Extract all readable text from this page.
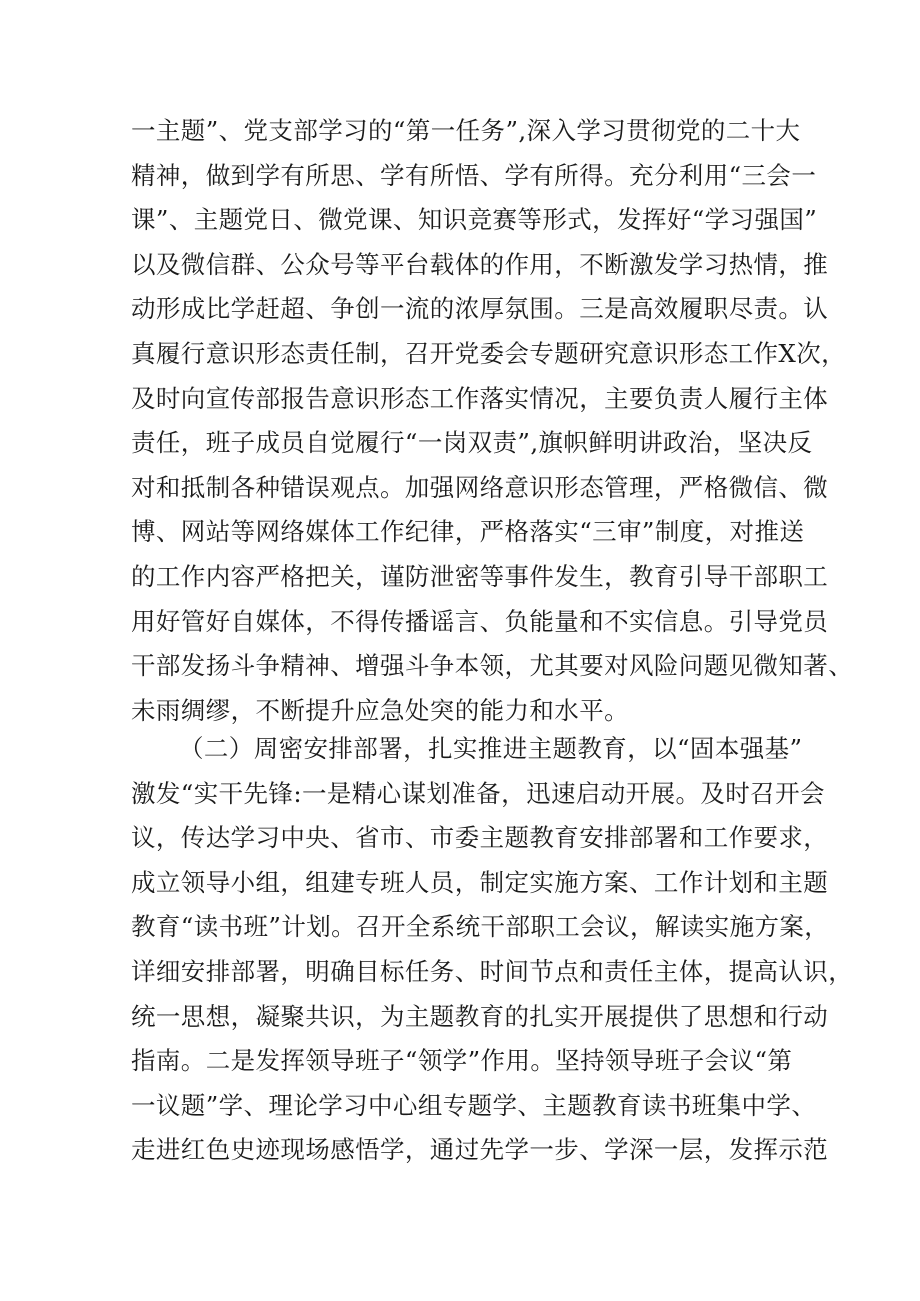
一主题”、党支部学习的“第一任务”,深入学习贯彻党的二十大
精神，做到学有所思、学有所悟、学有所得。充分利用“三会一
课”、主题党日、微党课、知识竞赛等形式，发挥好“学习强国”
以及微信群、公众号等平台载体的作用，不断激发学习热情，推
动形成比学赶超、争创一流的浓厚氛围。三是高效履职尽责。认
真履行意识形态责任制，召开党委会专题研究意识形态工作X次，
及时向宣传部报告意识形态工作落实情况，主要负责人履行主体
责任，班子成员自觉履行“一岗双责”,旗帜鲜明讲政治，坚决反
对和抵制各种错误观点。加强网络意识形态管理，严格微信、微
博、网站等网络媒体工作纪律，严格落实“三审”制度，对推送
的工作内容严格把关，谨防泄密等事件发生，教育引导干部职工
用好管好自媒体，不得传播谣言、负能量和不实信息。引导党员
干部发扬斗争精神、增强斗争本领，尤其要对风险问题见微知著、
未雨绸缪，不断提升应急处突的能力和水平。
（二）周密安排部署，扎实推进主题教育，以“固本强基”
激发“实干先锋:一是精心谋划准备，迅速启动开展。及时召开会
议，传达学习中央、省市、市委主题教育安排部署和工作要求，
成立领导小组，组建专班人员，制定实施方案、工作计划和主题
教育“读书班”计划。召开全系统干部职工会议，解读实施方案，
详细安排部署，明确目标任务、时间节点和责任主体，提高认识，
统一思想，凝聚共识，为主题教育的扎实开展提供了思想和行动
指南。二是发挥领导班子“领学”作用。坚持领导班子会议“第
一议题”学、理论学习中心组专题学、主题教育读书班集中学、
走进红色史迹现场感悟学，通过先学一步、学深一层，发挥示范
